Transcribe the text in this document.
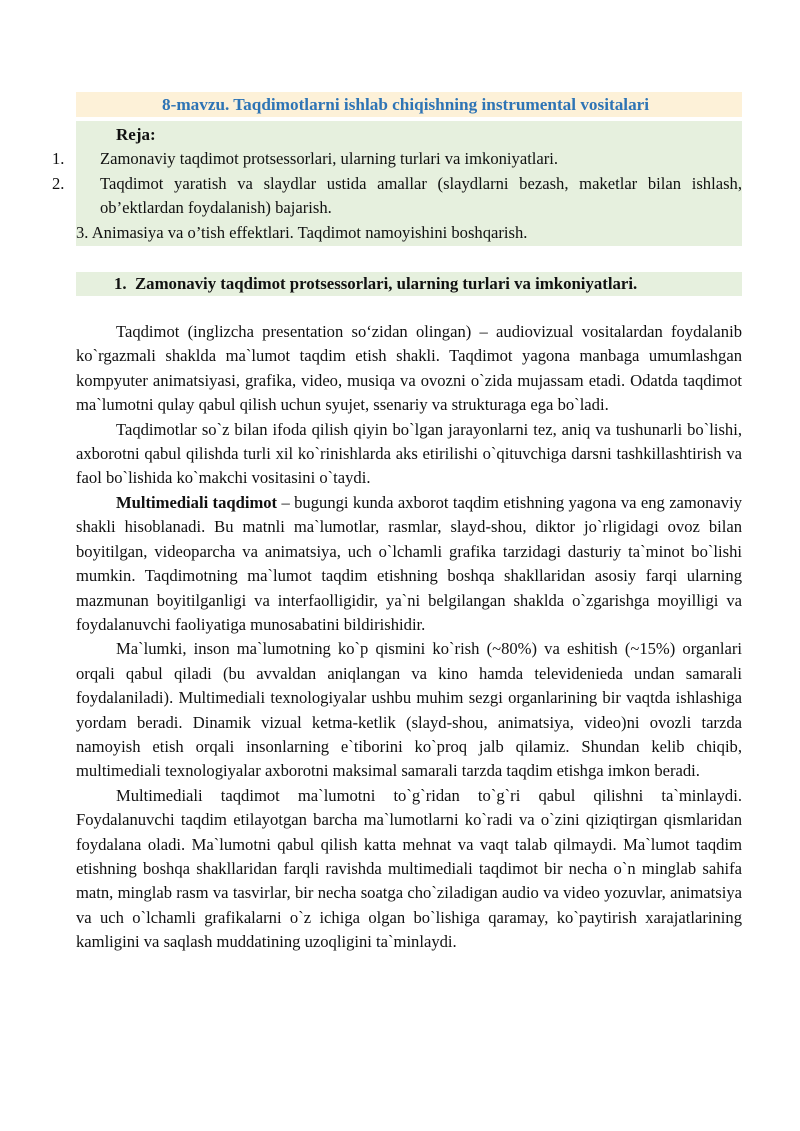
8-mavzu. Taqdimotlarni ishlab chiqishning instrumental vositalari
Reja:
1. Zamonaviy taqdimot protsessorlari, ularning turlari va imkoniyatlari.
2. Taqdimot yaratish va slaydlar ustida amallar (slaydlarni bezash, maketlar bilan ishlash, ob’ektlardan foydalanish) bajarish.
3. Animasiya va o’tish effektlari. Taqdimot namoyishini boshqarish.
1. Zamonaviy taqdimot protsessorlari, ularning turlari va imkoniyatlari.

Taqdimot (inglizcha presentation so‘zidan olingan) – audiovizual vositalardan foydalanib ko`rgazmali shaklda ma`lumot taqdim etish shakli. Taqdimot yagona manbaga umumlashgan kompyuter animatsiyasi, grafika, video, musiqa va ovozni o`zida mujassam etadi. Odatda taqdimot ma`lumotni qulay qabul qilish uchun syujet, ssenariy va strukturaga ega bo`ladi.

Taqdimotlar so`z bilan ifoda qilish qiyin bo`lgan jarayonlarni tez, aniq va tushunarli bo`lishi, axborotni qabul qilishda turli xil ko`rinishlarda aks etirilishi o`qituvchiga darsni tashkillashtirish va faol bo`lishida ko`makchi vositasini o`taydi.

Multimediali taqdimot – bugungi kunda axborot taqdim etishning yagona va eng zamonaviy shakli hisoblanadi. Bu matnli ma`lumotlar, rasmlar, slayd-shou, diktor jo`rligidagi ovoz bilan boyitilgan, videoparcha va animatsiya, uch o`lchamli grafika tarzidagi dasturiy ta`minot bo`lishi mumkin. Taqdimotning ma`lumot taqdim etishning boshqa shakllaridan asosiy farqi ularning mazmunan boyitilganligi va interfaolligidir, ya`ni belgilangan shaklda o`zgarishga moyilligi va foydalanuvchi faoliyatiga munosabatini bildirishidir.

Ma`lumki, inson ma`lumotning ko`p qismini ko`rish (~80%) va eshitish (~15%) organlari orqali qabul qiladi (bu avvaldan aniqlangan va kino hamda televidenieda undan samarali foydalaniladi). Multimediali texnologiyalar ushbu muhim sezgi organlarining bir vaqtda ishlashiga yordam beradi. Dinamik vizual ketma-ketlik (slayd-shou, animatsiya, video)ni ovozli tarzda namoyish etish orqali insonlarning e`tiborini ko`proq jalb qilamiz. Shundan kelib chiqib, multimediali texnologiyalar axborotni maksimal samarali tarzda taqdim etishga imkon beradi.

Multimediali taqdimot ma`lumotni to`g`ridan to`g`ri qabul qilishni ta`minlaydi. Foydalanuvchi taqdim etilayotgan barcha ma`lumotlarni ko`radi va o`zini qiziqtirgan qismlaridan foydalana oladi. Ma`lumotni qabul qilish katta mehnat va vaqt talab qilmaydi. Ma`lumot taqdim etishning boshqa shakllaridan farqli ravishda multimediali taqdimot bir necha o`n minglab sahifa matn, minglab rasm va tasvirlar, bir necha soatga cho`ziladigan audio va video yozuvlar, animatsiya va uch o`lchamli grafikalarni o`z ichiga olgan bo`lishiga qaramay, ko`paytirish xarajatlarining kamligini va saqlash muddatining uzoqligini ta`minlaydi.
